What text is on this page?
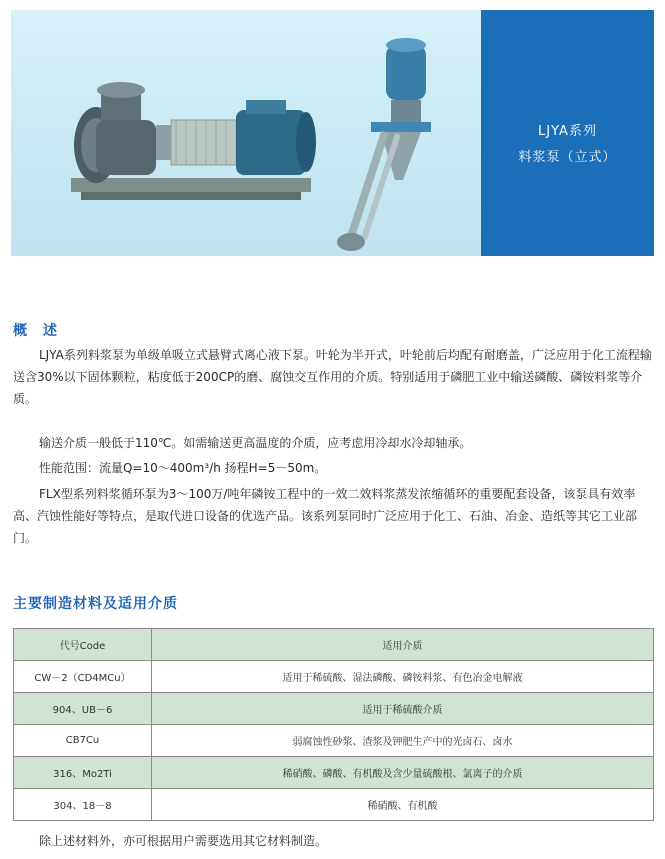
LJYA系列
料浆泵（立式）
概　述

LJYA系列料浆泵为单级单吸立式悬臂式离心液下泵。叶轮为半开式，叶轮前后均配有耐磨盖，广泛应用于化工流程输送含30%以下固体颗粒，粘度低于200CP的磨、腐蚀交互作用的介质。特别适用于磷肥工业中输送磷酸、磷铵料浆等介质。

输送介质一般低于110℃。如需输送更高温度的介质，应考虑用冷却水冷却轴承。
性能范围：流量Q=10～400m³/h 扬程H=5－50m。

FLX型系列料浆循环泵为3～100万/吨年磷铵工程中的一效二效料浆蒸发浓缩循环的重要配套设备，该泵具有效率高、汽蚀性能好等特点，是取代进口设备的优选产品。该系列泵同时广泛应用于化工、石油、冶金、造纸等其它工业部门。

主要制造材料及适用介质
代号Code	适用介质
CW－2（CD4MCu）	适用于稀硫酸、湿法磷酸、磷铵料浆、有色冶金电解液
904、UB－6	适用于稀硫酸介质
CB7Cu	弱腐蚀性砂浆、渣浆及钾肥生产中的光卤石、卤水
316、Mo2Ti	稀硝酸、磷酸、有机酸及含少量硫酸根、氯离子的介质
304、18－8	稀硝酸、有机酸
除上述材料外，亦可根据用户需要选用其它材料制造。
